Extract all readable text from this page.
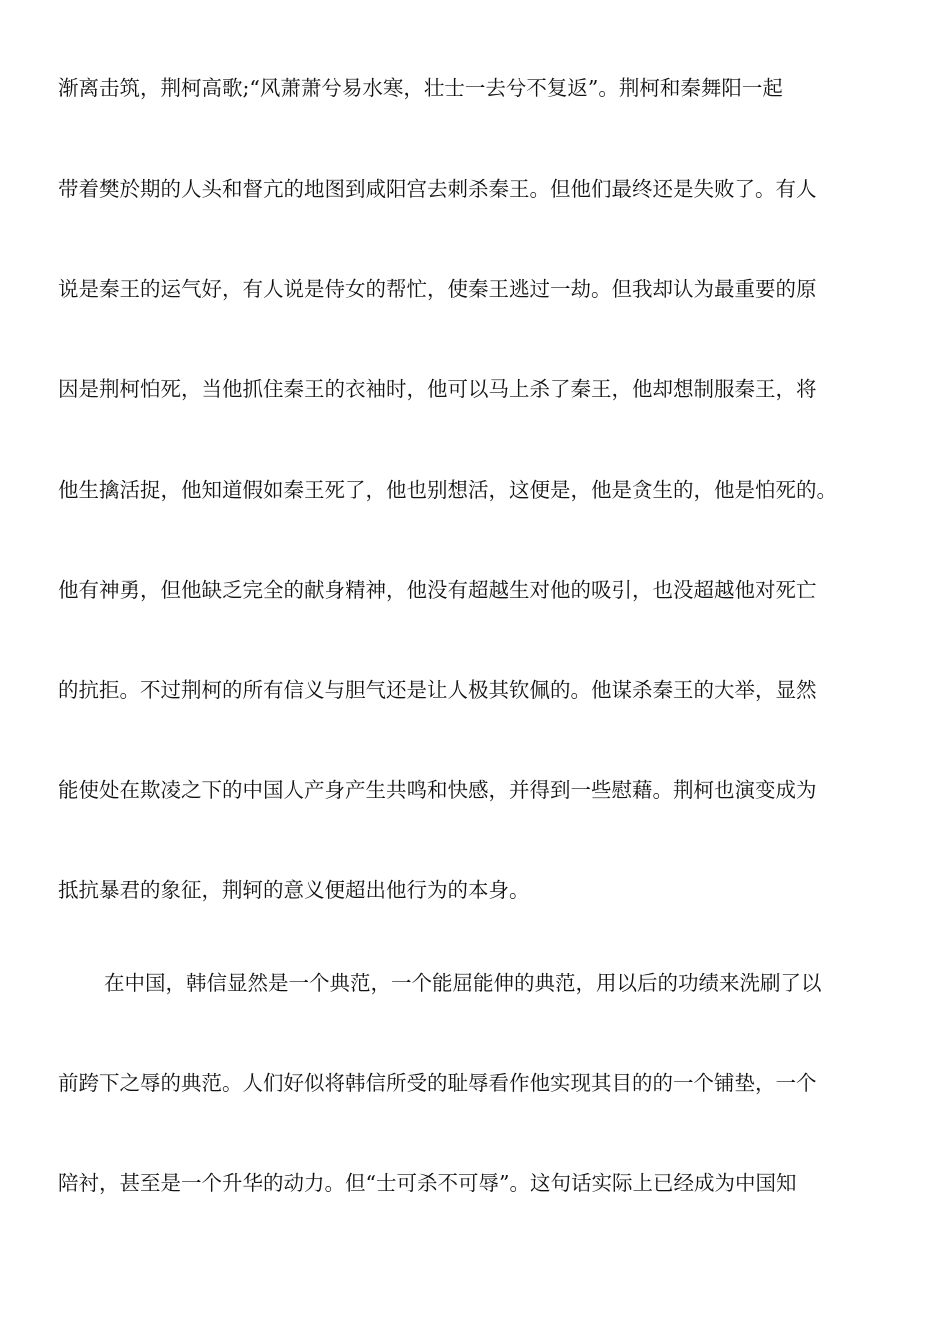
渐离击筑，荆柯高歌;“风萧萧兮易水寒，壮士一去兮不复返”。荆柯和秦舞阳一起
带着樊於期的人头和督亢的地图到咸阳宫去刺杀秦王。但他们最终还是失败了。有人
说是秦王的运气好，有人说是侍女的帮忙，使秦王逃过一劫。但我却认为最重要的原
因是荆柯怕死，当他抓住秦王的衣袖时，他可以马上杀了秦王，他却想制服秦王，将
他生擒活捉，他知道假如秦王死了，他也别想活，这便是，他是贪生的，他是怕死的。
他有神勇，但他缺乏完全的献身精神，他没有超越生对他的吸引，也没超越他对死亡
的抗拒。不过荆柯的所有信义与胆气还是让人极其钦佩的。他谋杀秦王的大举，显然
能使处在欺凌之下的中国人产身产生共鸣和快感，并得到一些慰藉。荆柯也演变成为
抵抗暴君的象征，荆轲的意义便超出他行为的本身。
在中国，韩信显然是一个典范，一个能屈能伸的典范，用以后的功绩来洗刷了以
前跨下之辱的典范。人们好似将韩信所受的耻辱看作他实现其目的的一个铺垫，一个
陪衬，甚至是一个升华的动力。但“士可杀不可辱”。这句话实际上已经成为中国知
